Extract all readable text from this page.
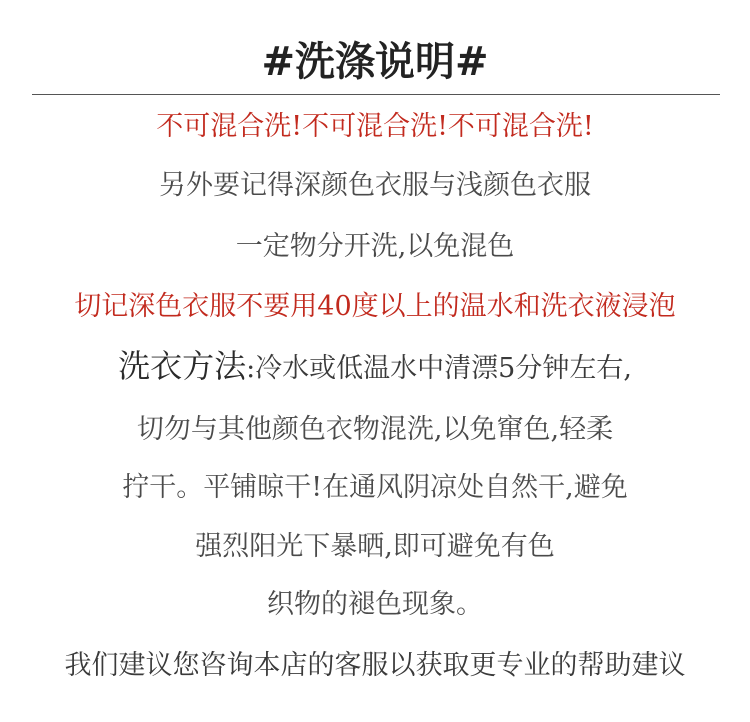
#洗涤说明#
不可混合洗!不可混合洗!不可混合洗!
另外要记得深颜色衣服与浅颜色衣服
一定物分开洗,以免混色
切记深色衣服不要用40度以上的温水和洗衣液浸泡
洗衣方法:冷水或低温水中清漂5分钟左右,
切勿与其他颜色衣物混洗,以免窜色,轻柔
拧干。平铺晾干!在通风阴凉处自然干,避免
强烈阳光下暴晒,即可避免有色
织物的褪色现象。
我们建议您咨询本店的客服以获取更专业的帮助建议
